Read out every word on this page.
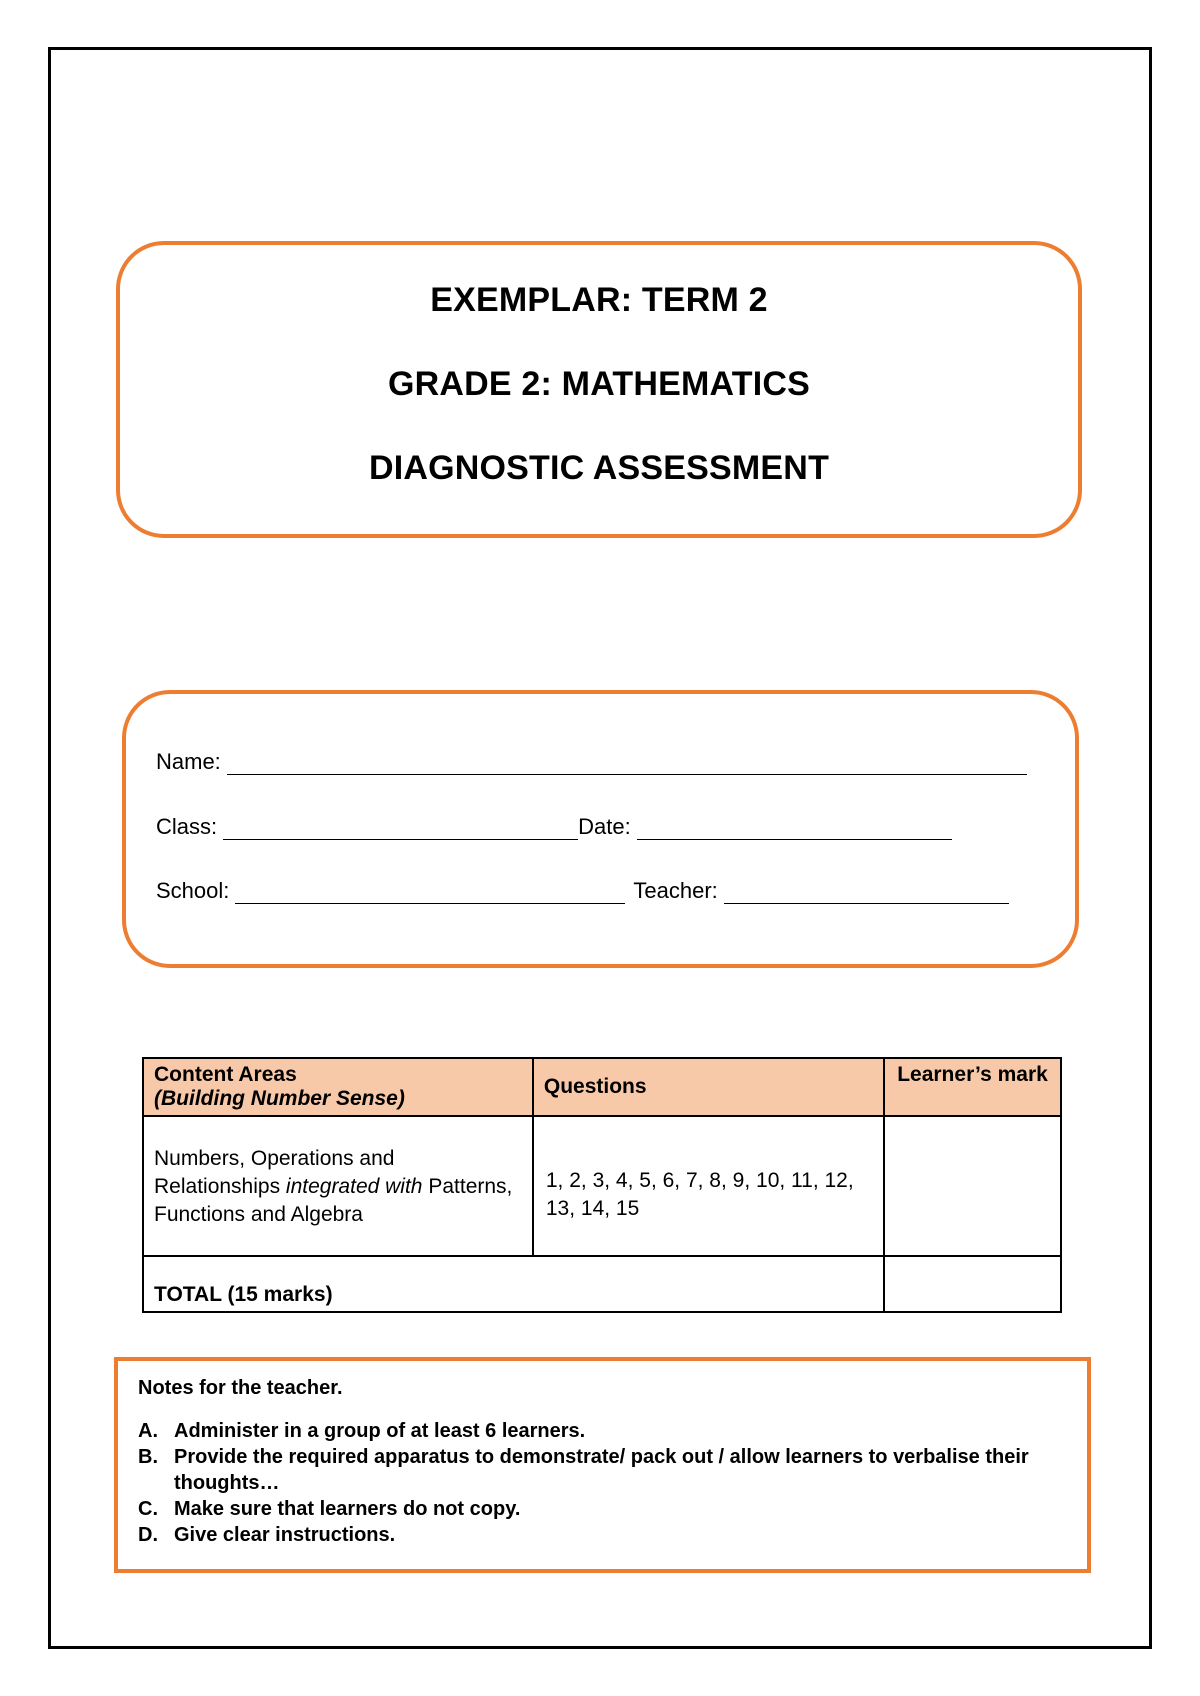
EXEMPLAR: TERM 2
GRADE 2: MATHEMATICS
DIAGNOSTIC ASSESSMENT
Name:
Class:	Date:
School:	Teacher:
Content Areas
(Building Number Sense)	Questions	Learner’s mark

Numbers, Operations and Relationships integrated with Patterns, Functions and Algebra	1, 2, 3, 4, 5, 6, 7, 8, 9, 10, 11, 12, 13, 14, 15	

TOTAL (15 marks)		
Notes for the teacher.
A. Administer in a group of at least 6 learners.
B. Provide the required apparatus to demonstrate/ pack out / allow learners to verbalise their thoughts…
C. Make sure that learners do not copy.
D. Give clear instructions.
